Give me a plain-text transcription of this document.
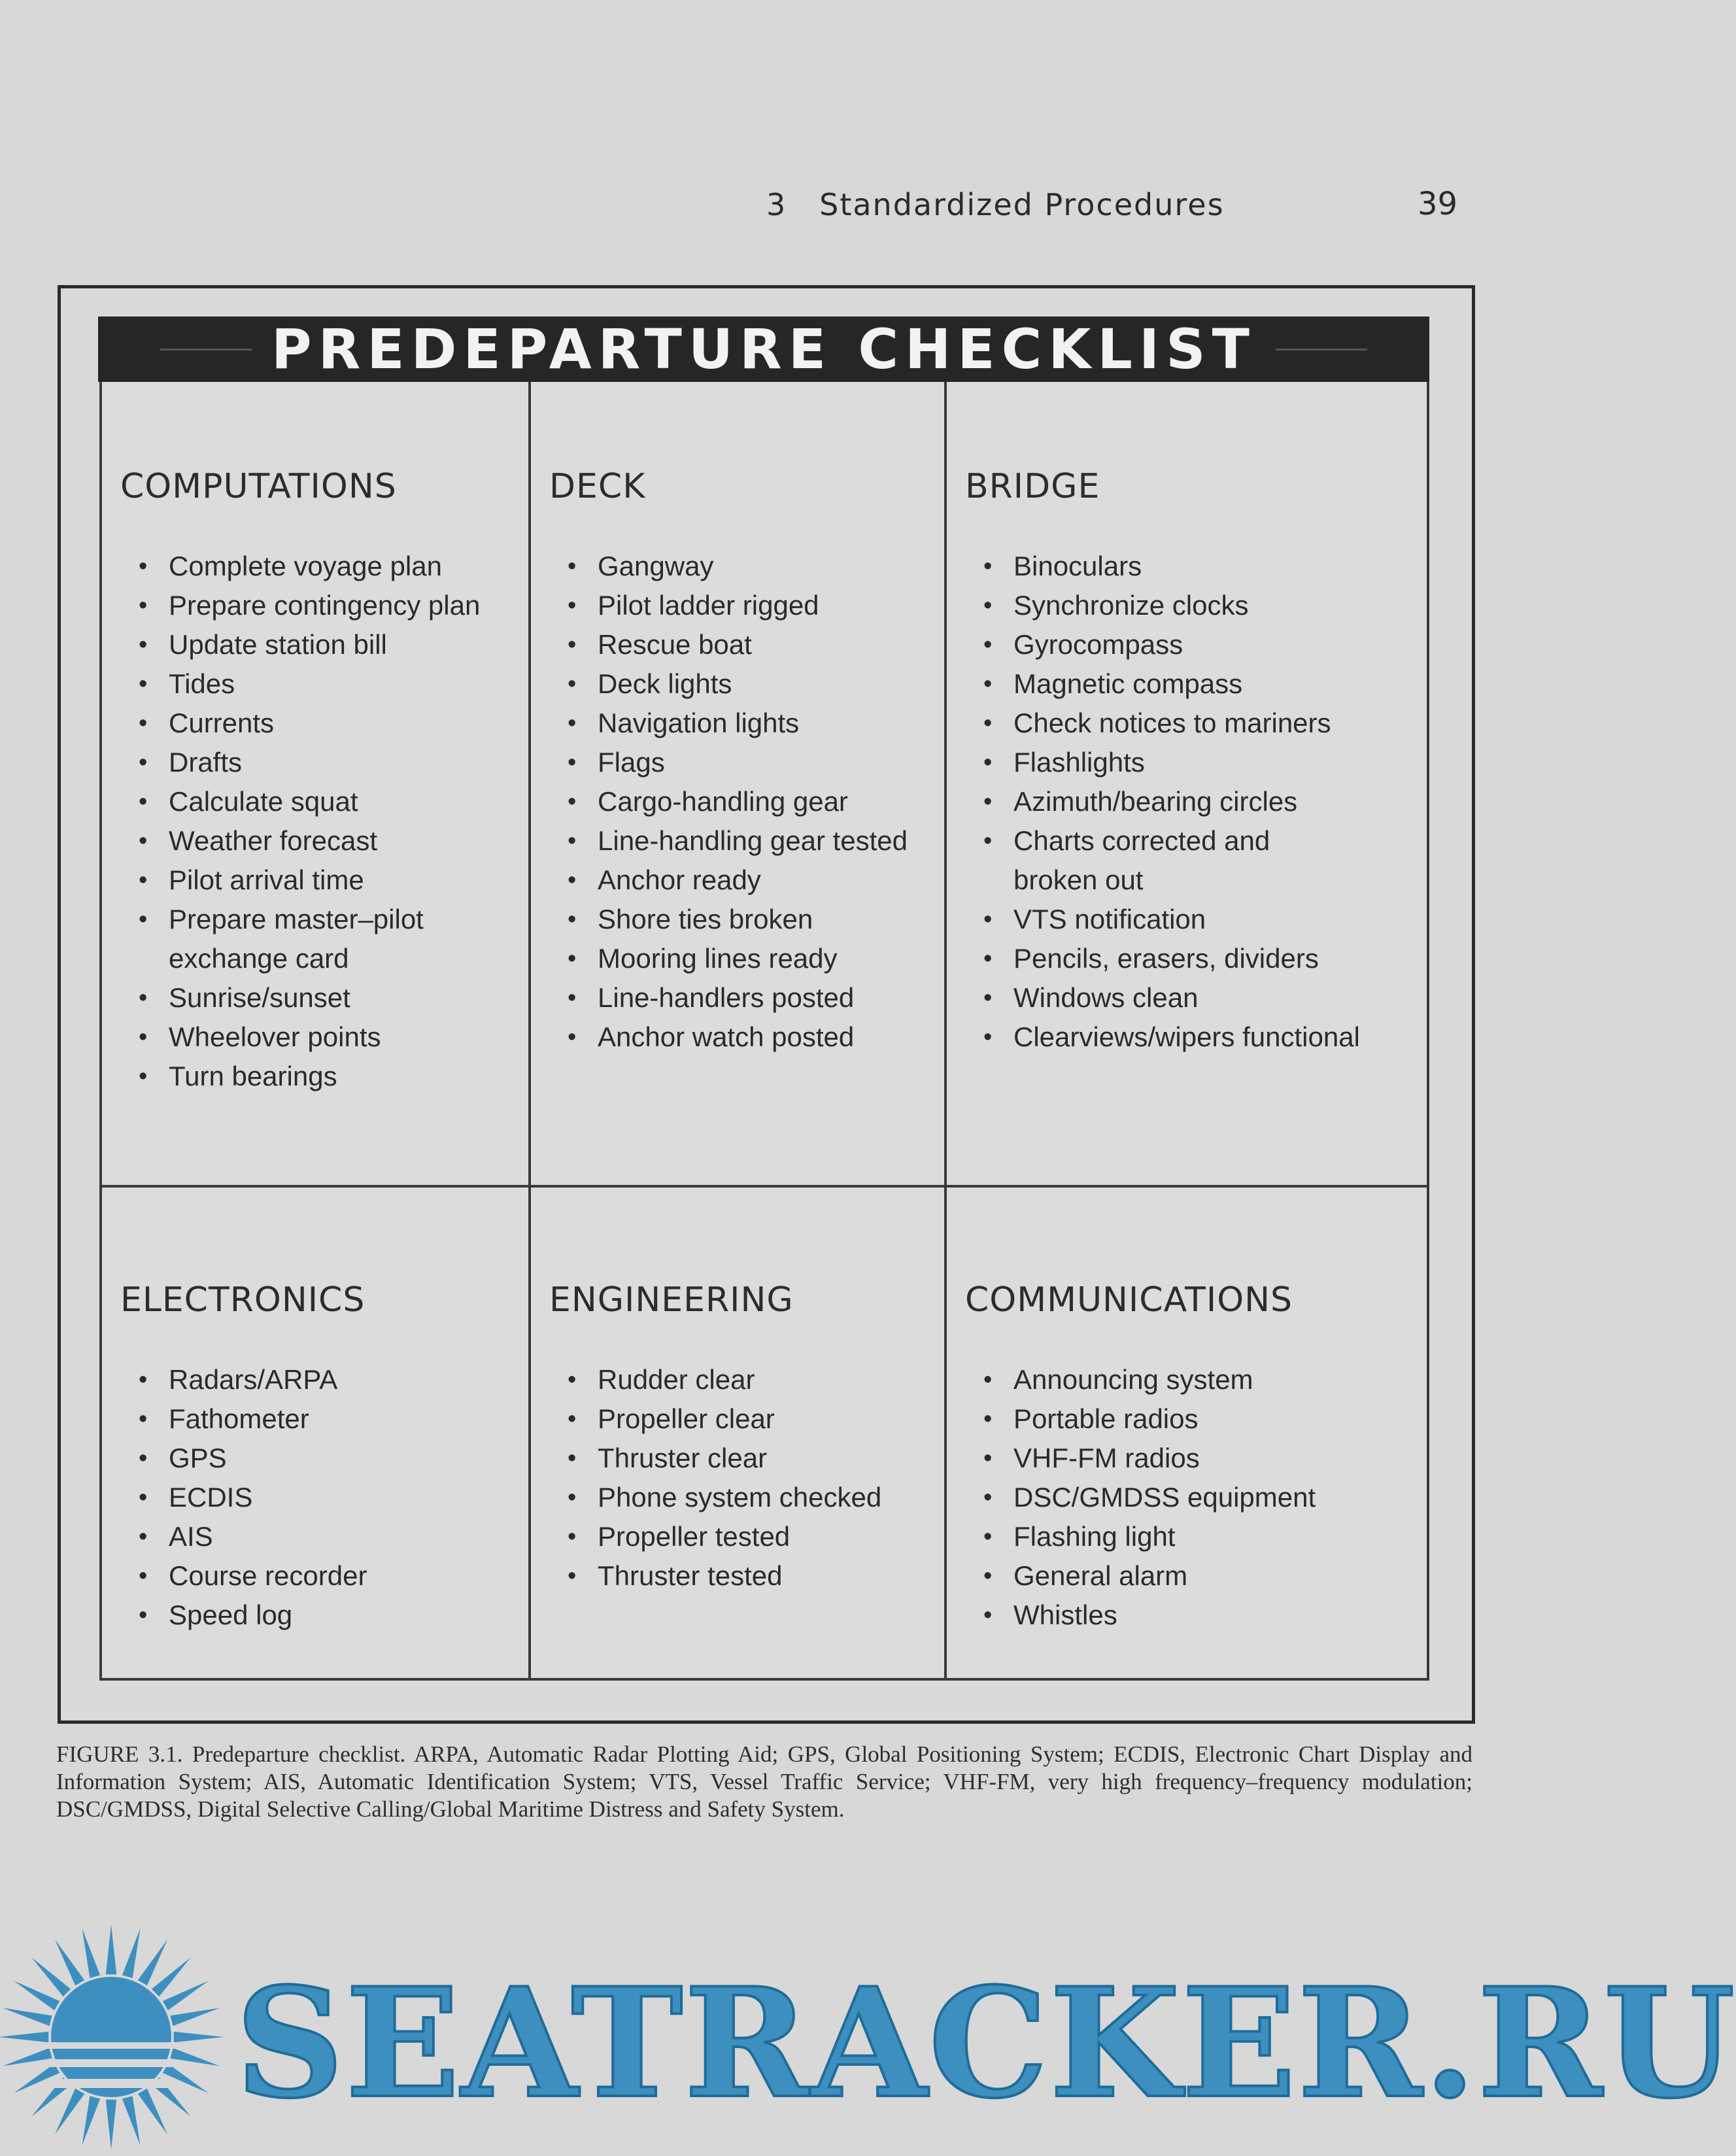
3   Standardized Procedures	39
PREDEPARTURE CHECKLIST
COMPUTATIONS
• Complete voyage plan
• Prepare contingency plan
• Update station bill
• Tides
• Currents
• Drafts
• Calculate squat
• Weather forecast
• Pilot arrival time
• Prepare master–pilot
exchange card
• Sunrise/sunset
• Wheelover points
• Turn bearings
DECK
• Gangway
• Pilot ladder rigged
• Rescue boat
• Deck lights
• Navigation lights
• Flags
• Cargo-handling gear
• Line-handling gear tested
• Anchor ready
• Shore ties broken
• Mooring lines ready
• Line-handlers posted
• Anchor watch posted
BRIDGE
• Binoculars
• Synchronize clocks
• Gyrocompass
• Magnetic compass
• Check notices to mariners
• Flashlights
• Azimuth/bearing circles
• Charts corrected and
broken out
• VTS notification
• Pencils, erasers, dividers
• Windows clean
• Clearviews/wipers functional
ELECTRONICS
• Radars/ARPA
• Fathometer
• GPS
• ECDIS
• AIS
• Course recorder
• Speed log
ENGINEERING
• Rudder clear
• Propeller clear
• Thruster clear
• Phone system checked
• Propeller tested
• Thruster tested
COMMUNICATIONS
• Announcing system
• Portable radios
• VHF-FM radios
• DSC/GMDSS equipment
• Flashing light
• General alarm
• Whistles
FIGURE 3.1. Predeparture checklist. ARPA, Automatic Radar Plotting Aid; GPS, Global Positioning System; ECDIS, Electronic Chart Display and Information System; AIS, Automatic Identification System; VTS, Vessel Traffic Service; VHF-FM, very high frequency–frequency modulation; DSC/GMDSS, Digital Selective Calling/Global Maritime Distress and Safety System.
SEATRACKER.RU
